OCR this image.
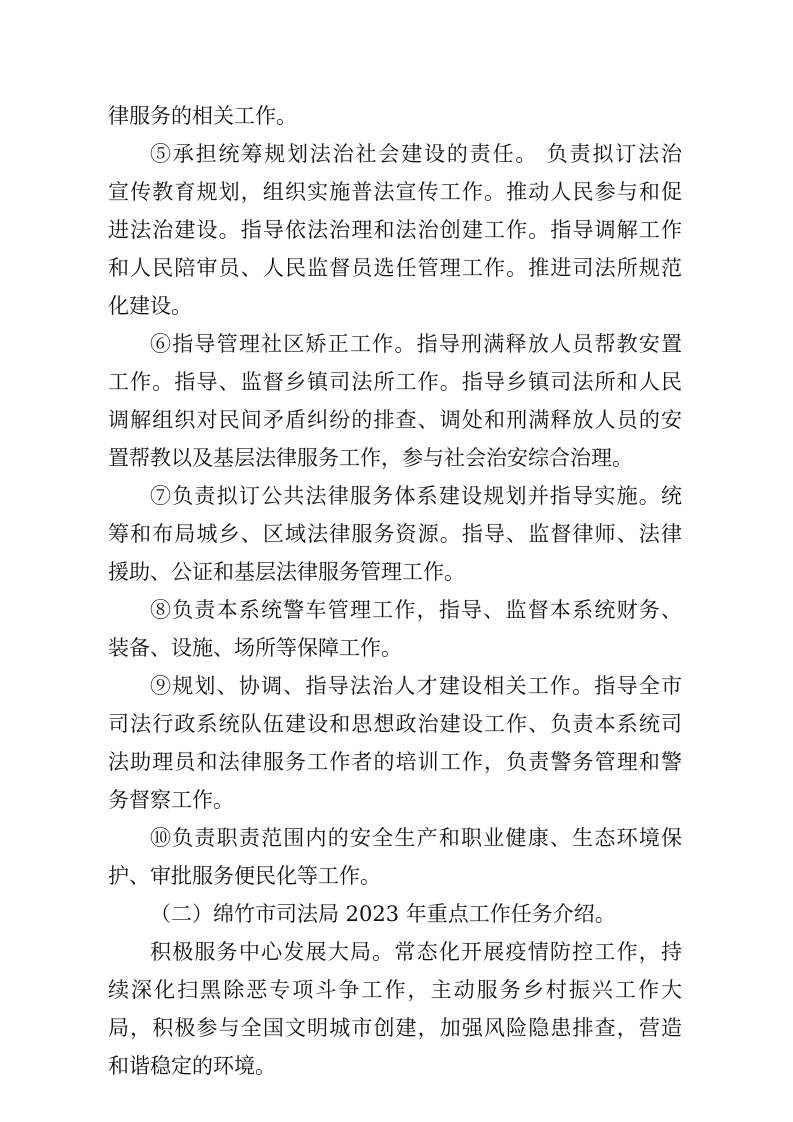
律服务的相关工作。
⑤承担统筹规划法治社会建设的责任。 负责拟订法治
宣传教育规划，组织实施普法宣传工作。推动人民参与和促
进法治建设。指导依法治理和法治创建工作。指导调解工作
和人民陪审员、人民监督员选任管理工作。推进司法所规范
化建设。
⑥指导管理社区矫正工作。指导刑满释放人员帮教安置
工作。指导、监督乡镇司法所工作。指导乡镇司法所和人民
调解组织对民间矛盾纠纷的排查、调处和刑满释放人员的安
置帮教以及基层法律服务工作，参与社会治安综合治理。
⑦负责拟订公共法律服务体系建设规划并指导实施。统
筹和布局城乡、区域法律服务资源。指导、监督律师、法律
援助、公证和基层法律服务管理工作。
⑧负责本系统警车管理工作，指导、监督本系统财务、
装备、设施、场所等保障工作。
⑨规划、协调、指导法治人才建设相关工作。指导全市
司法行政系统队伍建设和思想政治建设工作、负责本系统司
法助理员和法律服务工作者的培训工作，负责警务管理和警
务督察工作。
⑩负责职责范围内的安全生产和职业健康、生态环境保
护、审批服务便民化等工作。
（二）绵竹市司法局 2023 年重点工作任务介绍。
积极服务中心发展大局。常态化开展疫情防控工作，持
续深化扫黑除恶专项斗争工作，主动服务乡村振兴工作大
局，积极参与全国文明城市创建，加强风险隐患排查，营造
和谐稳定的环境。
